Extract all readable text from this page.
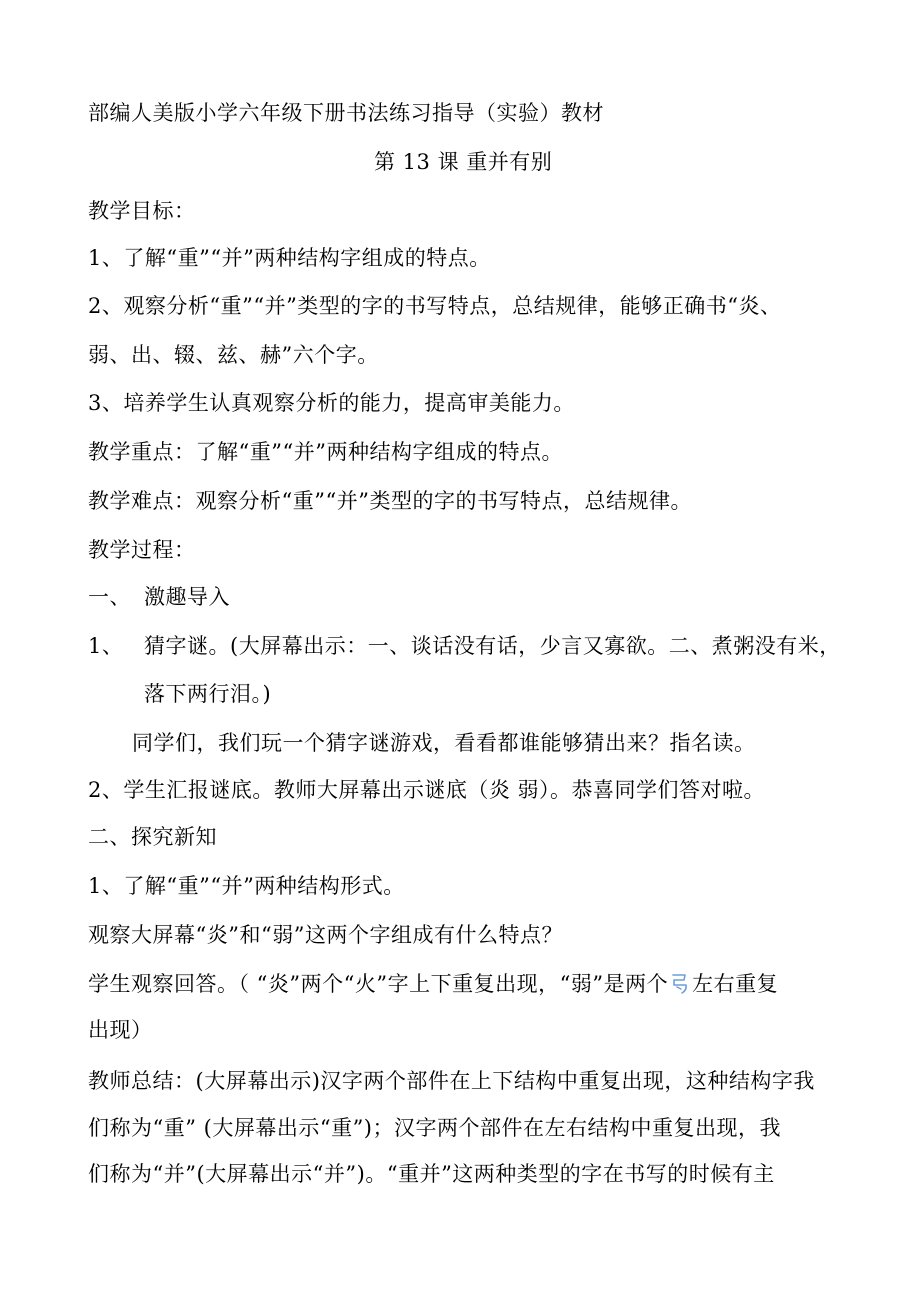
部编人美版小学六年级下册书法练习指导（实验）教材
第 13 课 重并有别
教学目标：
1、了解“重”“并”两种结构字组成的特点。
2、观察分析“重”“并”类型的字的书写特点，总结规律，能够正确书“炎、
弱、出、辍、兹、赫”六个字。
3、培养学生认真观察分析的能力，提高审美能力。
教学重点：了解“重”“并”两种结构字组成的特点。
教学难点：观察分析“重”“并”类型的字的书写特点，总结规律。
教学过程：
一、 激趣导入
1、 猜字谜。(大屏幕出示：一、谈话没有话，少言又寡欲。二、煮粥没有米，
落下两行泪。)
同学们，我们玩一个猜字谜游戏，看看都谁能够猜出来？指名读。
2、学生汇报谜底。教师大屏幕出示谜底（炎 弱）。恭喜同学们答对啦。
二、探究新知
1、了解“重”“并”两种结构形式。
观察大屏幕“炎”和“弱”这两个字组成有什么特点？
学生观察回答。（ “炎”两个“火”字上下重复出现，“弱”是两个 左右重复
出现）
教师总结：(大屏幕出示)汉字两个部件在上下结构中重复出现，这种结构字我
们称为“重” (大屏幕出示“重”)；汉字两个部件在左右结构中重复出现，我
们称为“并”(大屏幕出示“并”)。“重并”这两种类型的字在书写的时候有主
